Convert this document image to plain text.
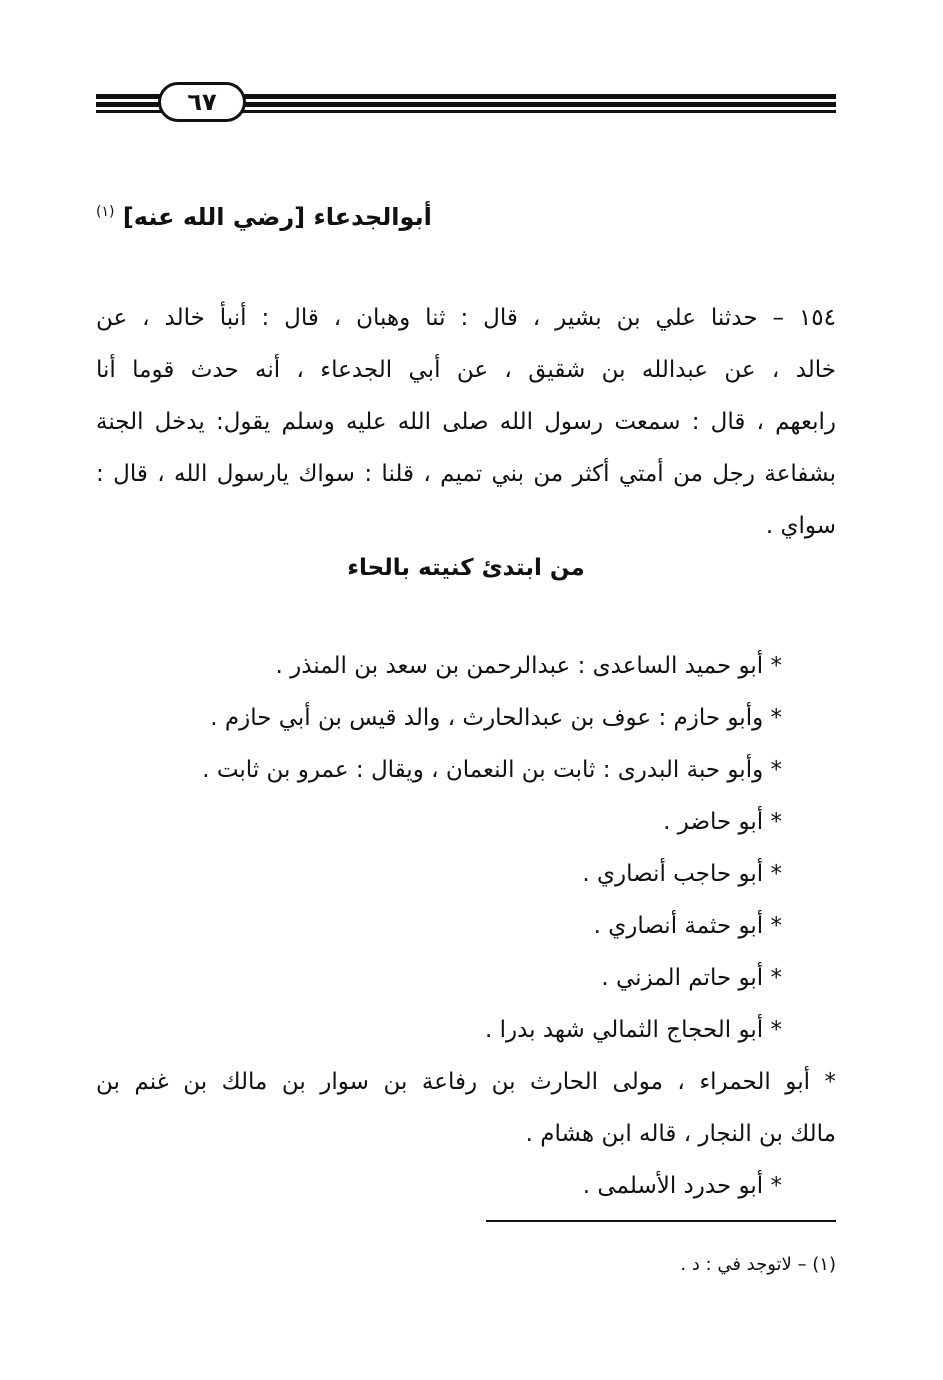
٦٧
أبوالجدعاء [رضي الله عنه] $^{(١)}$
١٥٤ – حدثنا علي بن بشير ، قال : ثنا وهبان ، قال : أنبأ خالد ، عن
خالد ، عن عبدالله بن شقيق ، عن أبي الجدعاء ، أنه حدث قوما أنا
رابعهم ، قال : سمعت رسول الله صلى الله عليه وسلم يقول: يدخل الجنة
بشفاعة رجل من أمتي أكثر من بني تميم ، قلنا : سواك يارسول الله ، قال :
سواي .
من ابتدئ كنيته بالحاء
* أبو حميد الساعدى : عبدالرحمن بن سعد بن المنذر .
* وأبو حازم : عوف بن عبدالحارث ، والد قيس بن أبي حازم .
* وأبو حبة البدرى : ثابت بن النعمان ، ويقال : عمرو بن ثابت .
* أبو حاضر .
* أبو حاجب أنصاري .
* أبو حثمة أنصاري .
* أبو حاتم المزني .
* أبو الحجاج الثمالي شهد بدرا .
* أبو الحمراء ، مولى الحارث بن رفاعة بن سوار بن مالك بن غنم بن
مالك بن النجار ، قاله ابن هشام .
* أبو حدرد الأسلمى .
(١) – لاتوجد في : د .
